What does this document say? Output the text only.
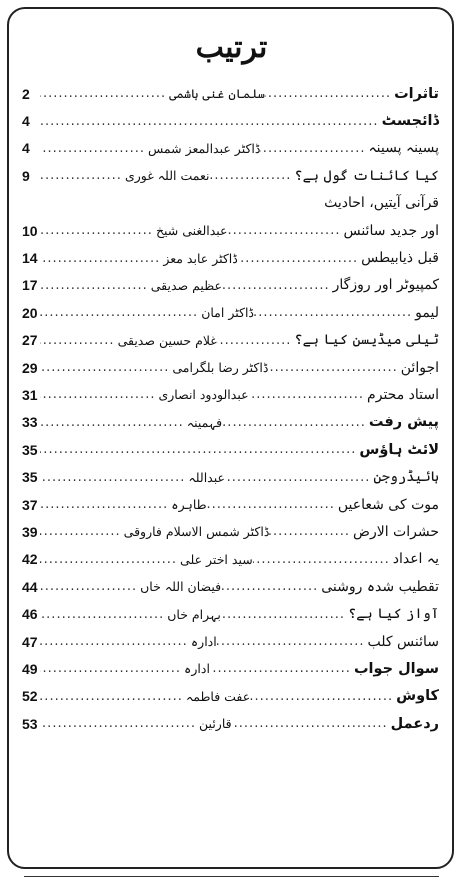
ترتیب
تاثرات
.....
سلمان غنی ہاشمی
.....
2
ڈائجسٹ
.....
4
پسینہ پسینہ
.....
ڈاکٹر عبدالمعز شمس
.....
4
کیا کائنات گول ہے؟
.....
نعمت اللہ غوری
.....
9
قرآنی آیتیں، احادیث
اور جدید سائنس
.....
عبدالغنی شیخ
.....
10
قبل ذیابیطس
.....
ڈاکٹر عابد معز
.....
14
کمپیوٹر اور روزگار
.....
عظیم صدیقی
.....
17
لیمو
.....
ڈاکٹر امان
.....
20
ٹیلی میڈیسن کیا ہے؟
.....
غلام حسین صدیقی
.....
27
اجوائن
.....
ڈاکٹر رضا بلگرامی
.....
29
استاد محترم
.....
عبدالودود انصاری
.....
31
پیش رفت
.....
فہمینہ
.....
33
لائٹ ہاؤس
.....
35
ہائیڈروجن
.....
عبداللہ
.....
35
موت کی شعاعیں
.....
طاہرہ
.....
37
حشرات الارض
.....
ڈاکٹر شمس الاسلام فاروقی
.....
39
یہ اعداد
.....
سید اختر علی
.....
42
تقطیب شدہ روشنی
.....
فیضان اللہ خاں
.....
44
آواز کیا ہے؟
.....
بہرام خاں
.....
46
سائنس کلب
.....
ادارہ
.....
47
سوال جواب
.....
ادارہ
.....
49
کاوش
.....
عفت فاطمہ
.....
52
ردعمل
.....
قارئین
.....
53
